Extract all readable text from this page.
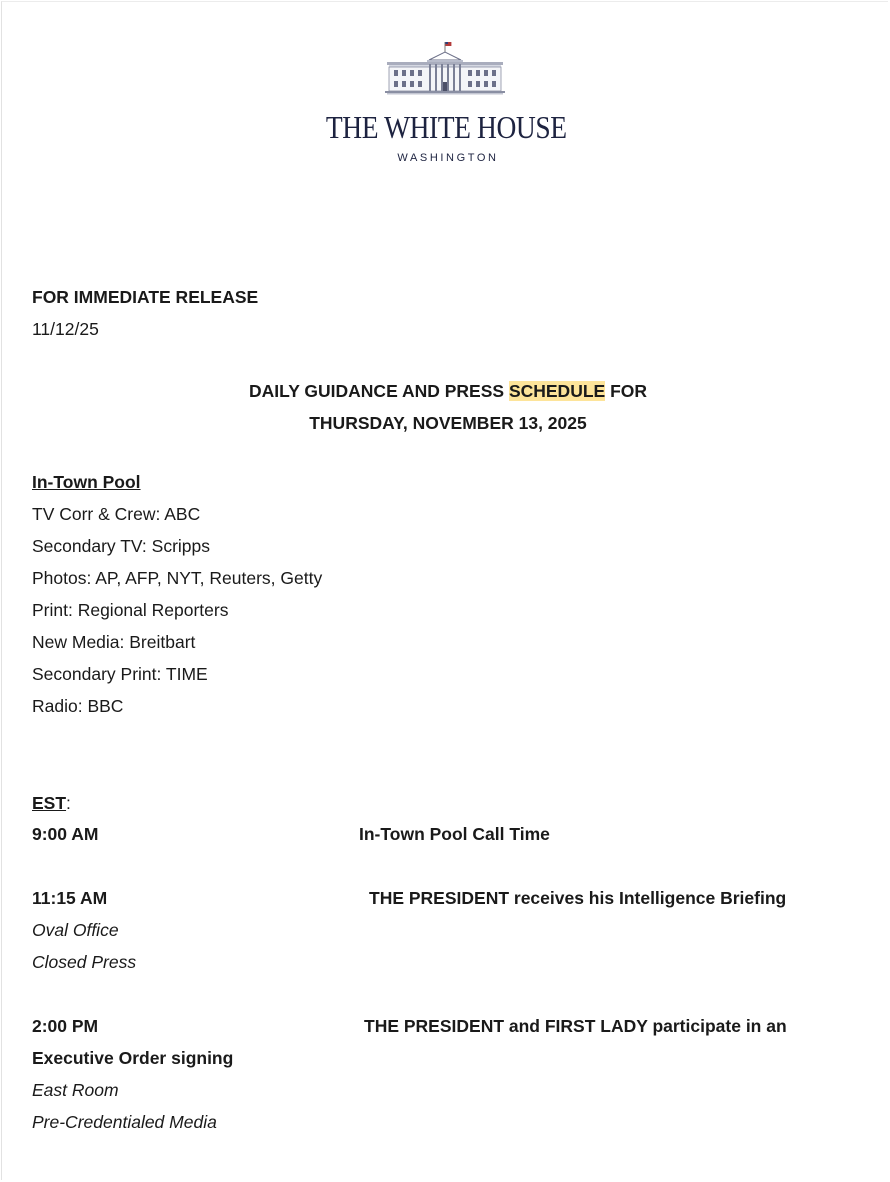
THE WHITE HOUSE
WASHINGTON
FOR IMMEDIATE RELEASE
11/12/25
DAILY GUIDANCE AND PRESS SCHEDULE FOR
THURSDAY, NOVEMBER 13, 2025
In-Town Pool
TV Corr & Crew: ABC
Secondary TV: Scripps
Photos: AP, AFP, NYT, Reuters, Getty
Print: Regional Reporters
New Media: Breitbart
Secondary Print: TIME
Radio: BBC
EST:
9:00 AM	In-Town Pool Call Time
11:15 AM	THE PRESIDENT receives his Intelligence Briefing
Oval Office
Closed Press
2:00 PM	THE PRESIDENT and FIRST LADY participate in an
Executive Order signing
East Room
Pre-Credentialed Media
